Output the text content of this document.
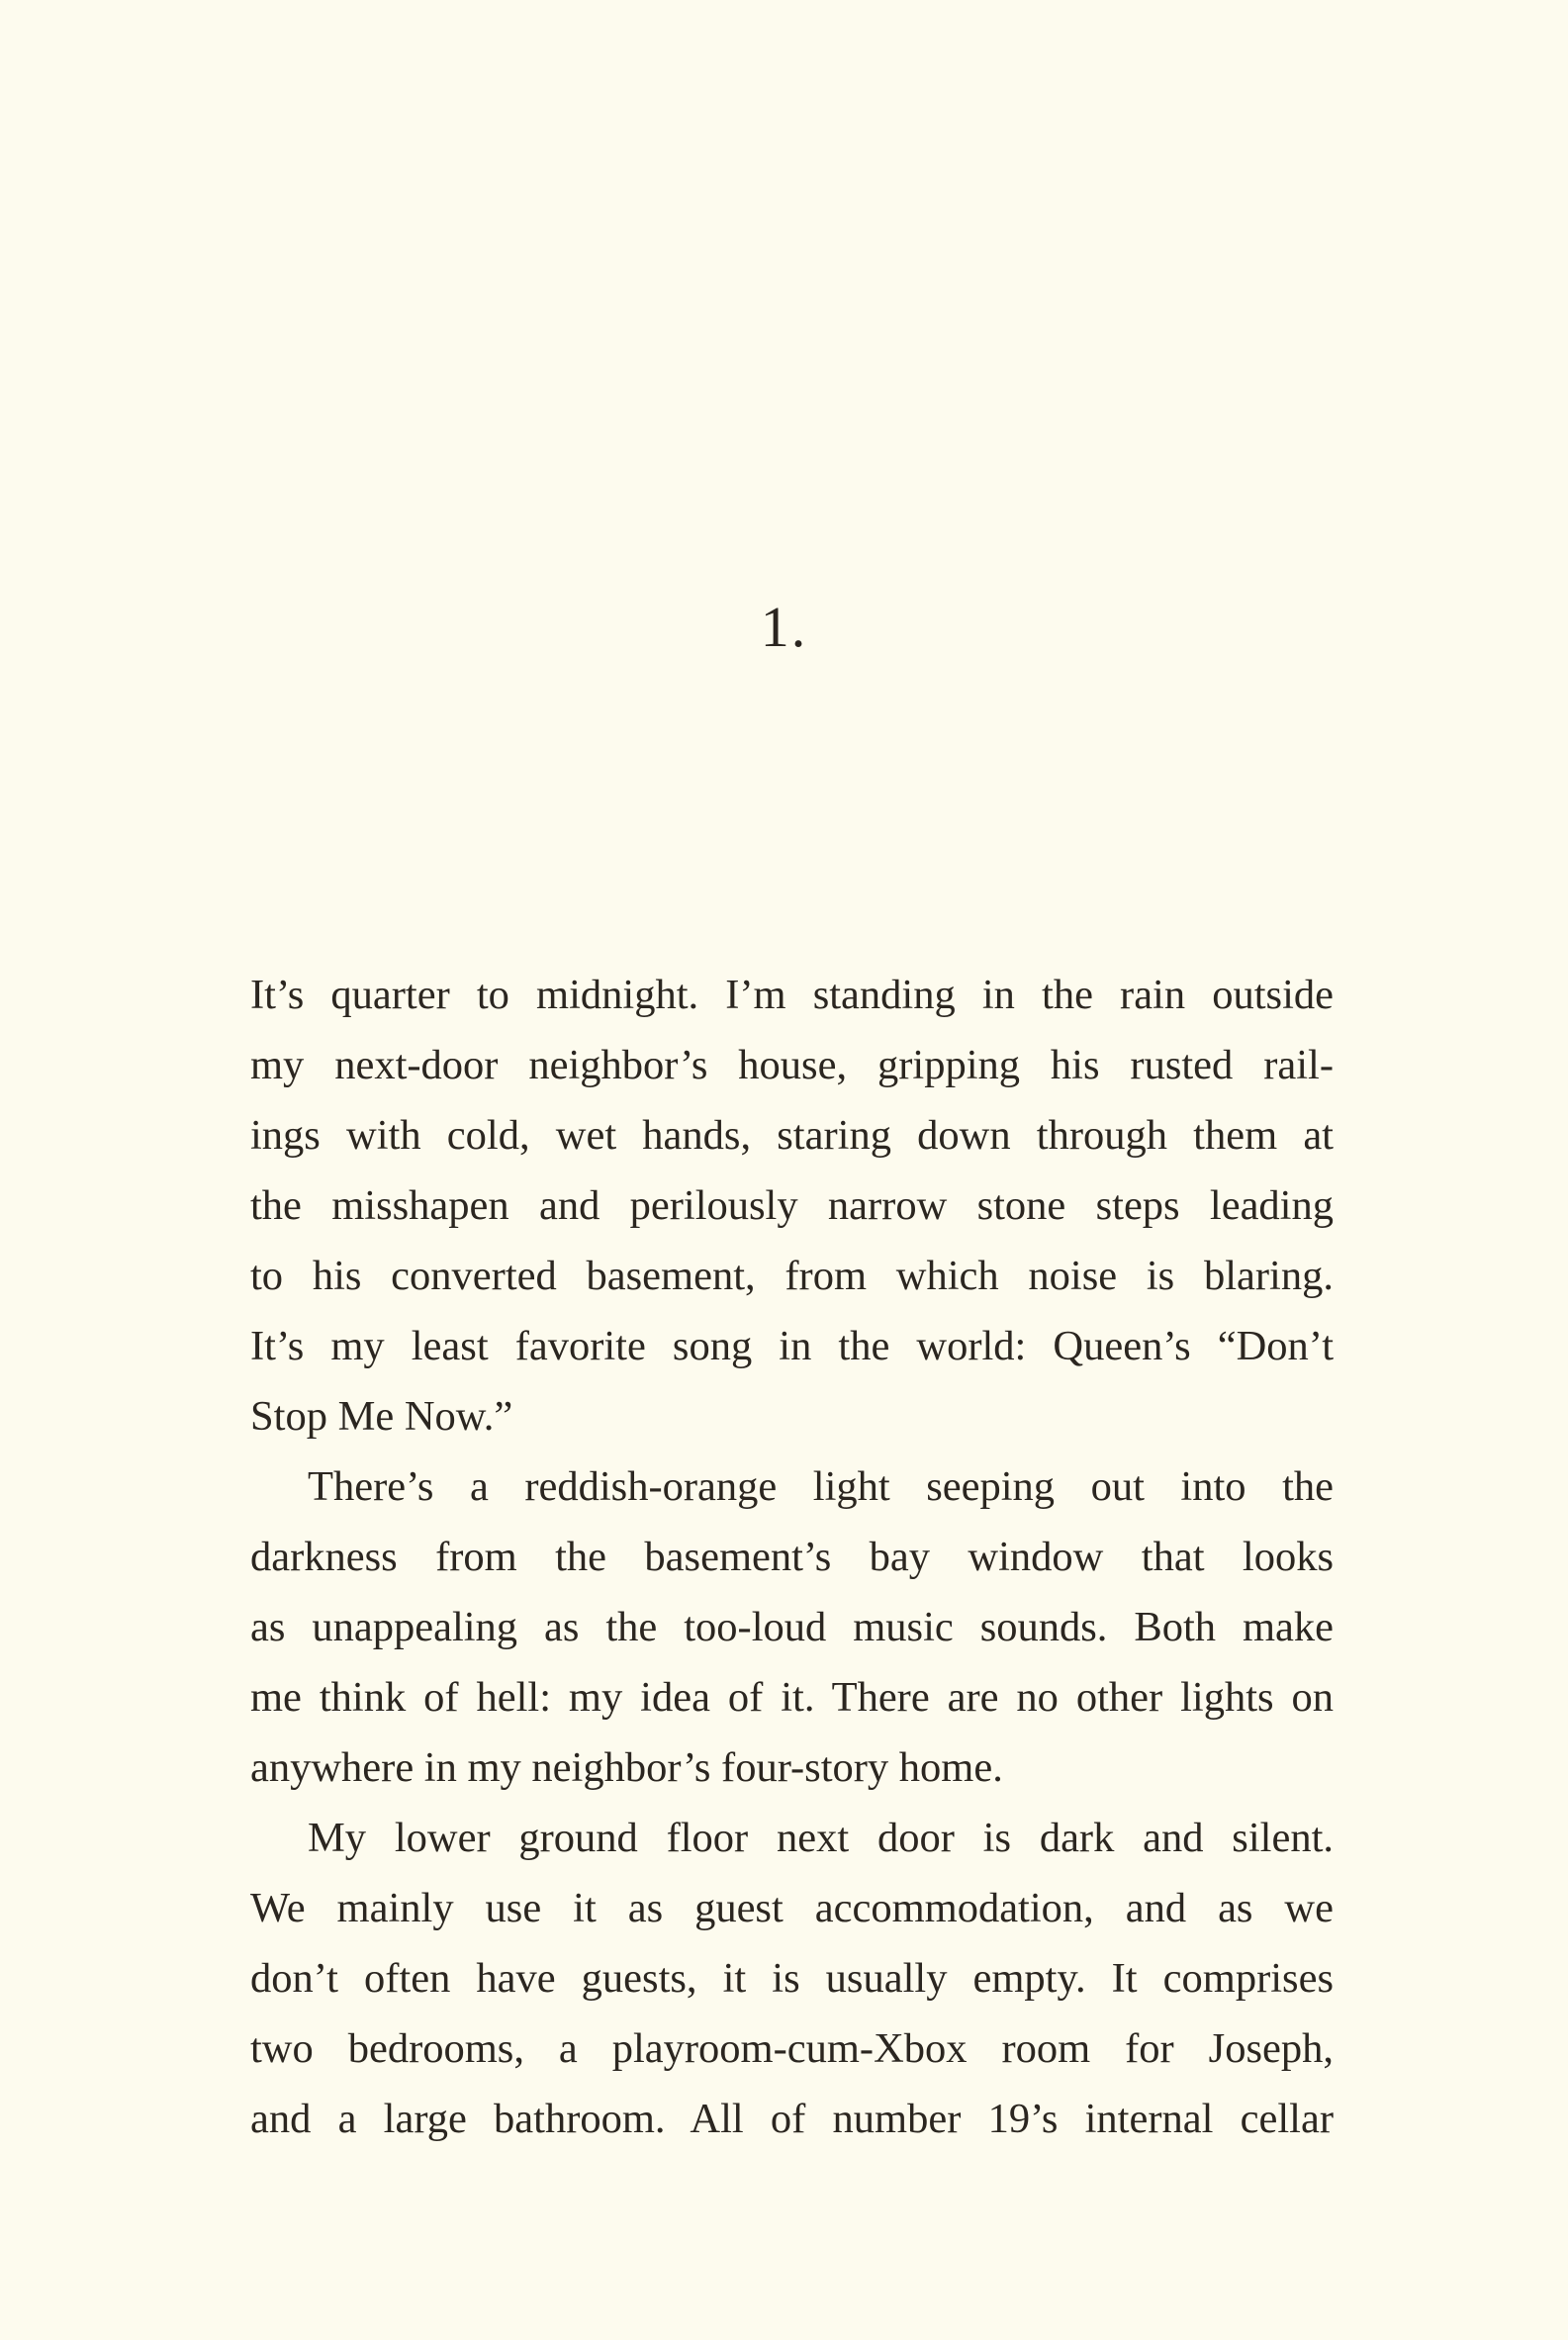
1.

It’s quarter to midnight. I’m standing in the rain outside
my next-door neighbor’s house, gripping his rusted rail-
ings with cold, wet hands, staring down through them at
the misshapen and perilously narrow stone steps leading
to his converted basement, from which noise is blaring.
It’s my least favorite song in the world: Queen’s “Don’t
Stop Me Now.”

There’s a reddish-orange light seeping out into the
darkness from the basement’s bay window that looks
as unappealing as the too-loud music sounds. Both make
me think of hell: my idea of it. There are no other lights on
anywhere in my neighbor’s four-story home.

My lower ground floor next door is dark and silent.
We mainly use it as guest accommodation, and as we
don’t often have guests, it is usually empty. It comprises
two bedrooms, a playroom-cum-Xbox room for Joseph,
and a large bathroom. All of number 19’s internal cellar
